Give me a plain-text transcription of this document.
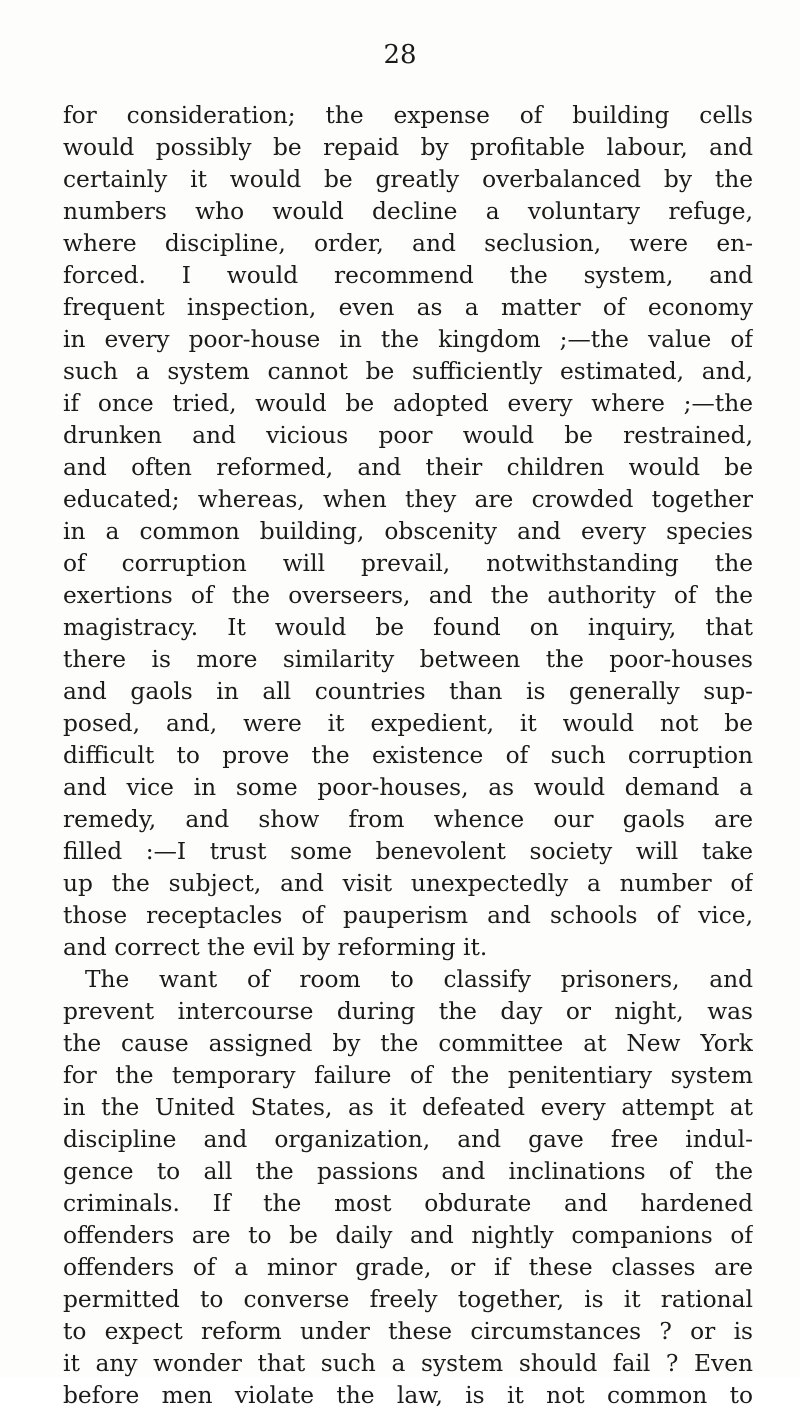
28
for consideration; the expense of building cells
would possibly be repaid by profitable labour, and
certainly it would be greatly overbalanced by the
numbers who would decline a voluntary refuge,
where discipline, order, and seclusion, were en-
forced. I would recommend the system, and
frequent inspection, even as a matter of economy
in every poor-house in the kingdom ;—the value of
such a system cannot be sufficiently estimated, and,
if once tried, would be adopted every where ;—the
drunken and vicious poor would be restrained,
and often reformed, and their children would be
educated; whereas, when they are crowded together
in a common building, obscenity and every species
of corruption will prevail, notwithstanding the
exertions of the overseers, and the authority of the
magistracy. It would be found on inquiry, that
there is more similarity between the poor-houses
and gaols in all countries than is generally sup-
posed, and, were it expedient, it would not be
difficult to prove the existence of such corruption
and vice in some poor-houses, as would demand a
remedy, and show from whence our gaols are
filled :—I trust some benevolent society will take
up the subject, and visit unexpectedly a number of
those receptacles of pauperism and schools of vice,
and correct the evil by reforming it.
The want of room to classify prisoners, and
prevent intercourse during the day or night, was
the cause assigned by the committee at New York
for the temporary failure of the penitentiary system
in the United States, as it defeated every attempt at
discipline and organization, and gave free indul-
gence to all the passions and inclinations of the
criminals. If the most obdurate and hardened
offenders are to be daily and nightly companions of
offenders of a minor grade, or if these classes are
permitted to converse freely together, is it rational
to expect reform under these circumstances ? or is
it any wonder that such a system should fail ? Even
before men violate the law, is it not common to
